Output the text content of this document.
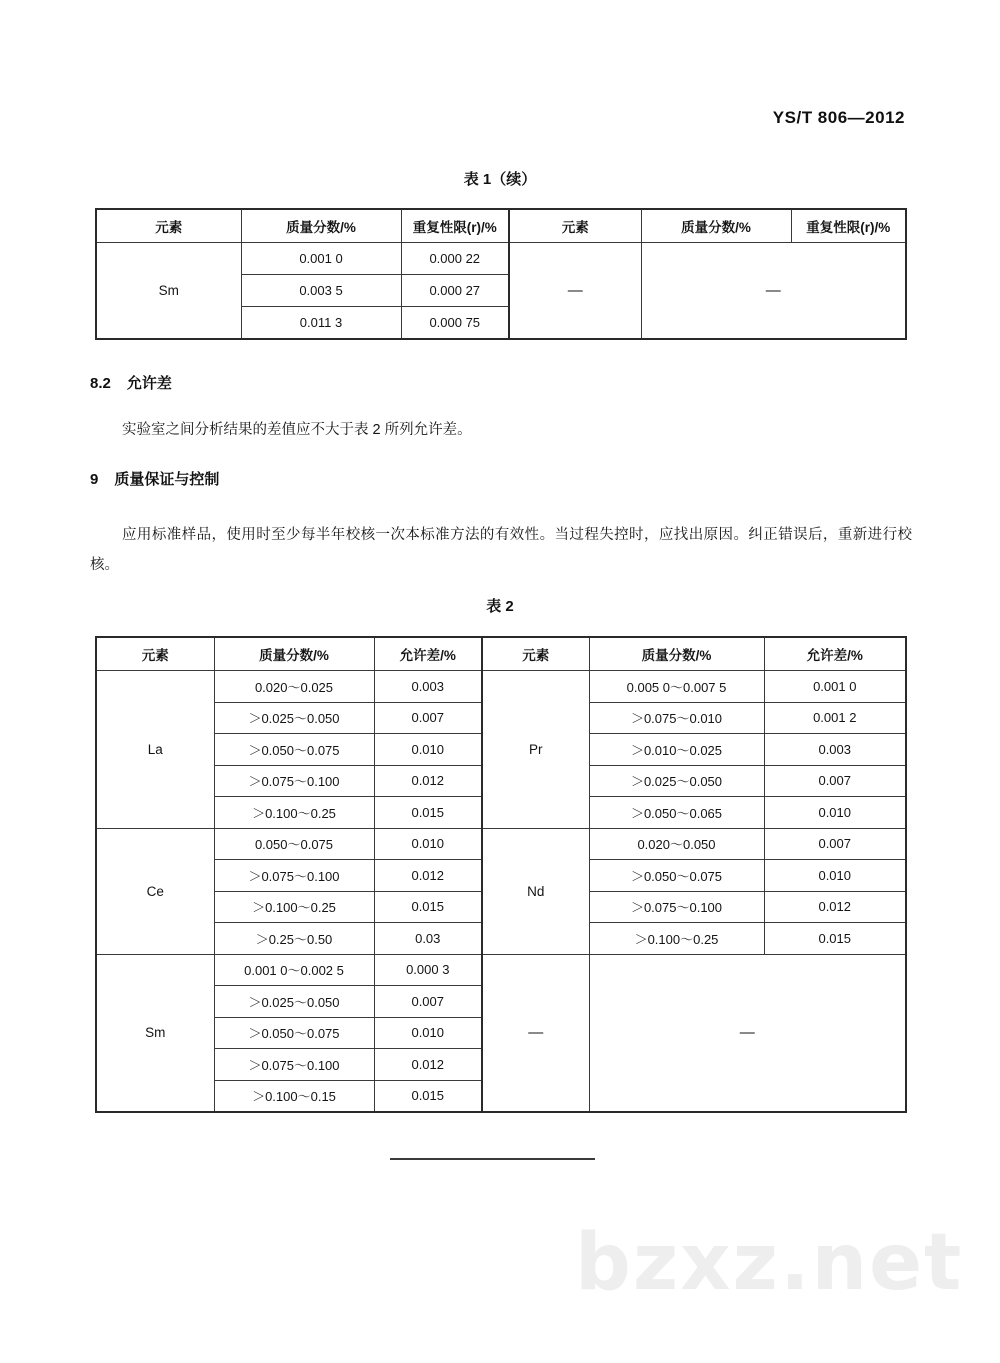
YS/T 806—2012
表 1（续）
元素	质量分数/%	重复性限(r)/%	元素	质量分数/%	重复性限(r)/%
Sm	0.001 0	0.000 22	—	—	
	0.003 5	0.000 27			
	0.011 3	0.000 75			
8.2 允许差
实验室之间分析结果的差值应不大于表 2 所列允许差。
9 质量保证与控制
应用标准样品，使用时至少每半年校核一次本标准方法的有效性。当过程失控时，应找出原因。纠正错误后，重新进行校核。
表 2
元素	质量分数/%	允许差/%	元素	质量分数/%	允许差/%
La	0.020～0.025	0.003	Pr	0.005 0～0.007 5	0.001 0
	＞0.025～0.050	0.007		＞0.075～0.010	0.001 2
	＞0.050～0.075	0.010		＞0.010～0.025	0.003
	＞0.075～0.100	0.012		＞0.025～0.050	0.007
	＞0.100～0.25	0.015		＞0.050～0.065	0.010
Ce	0.050～0.075	0.010	Nd	0.020～0.050	0.007
	＞0.075～0.100	0.012		＞0.050～0.075	0.010
	＞0.100～0.25	0.015		＞0.075～0.100	0.012
	＞0.25～0.50	0.03		＞0.100～0.25	0.015
Sm	0.001 0～0.002 5	0.000 3	—	—	
	＞0.025～0.050	0.007			
	＞0.050～0.075	0.010			
	＞0.075～0.100	0.012			
	＞0.100～0.15	0.015			
bzxz.net
